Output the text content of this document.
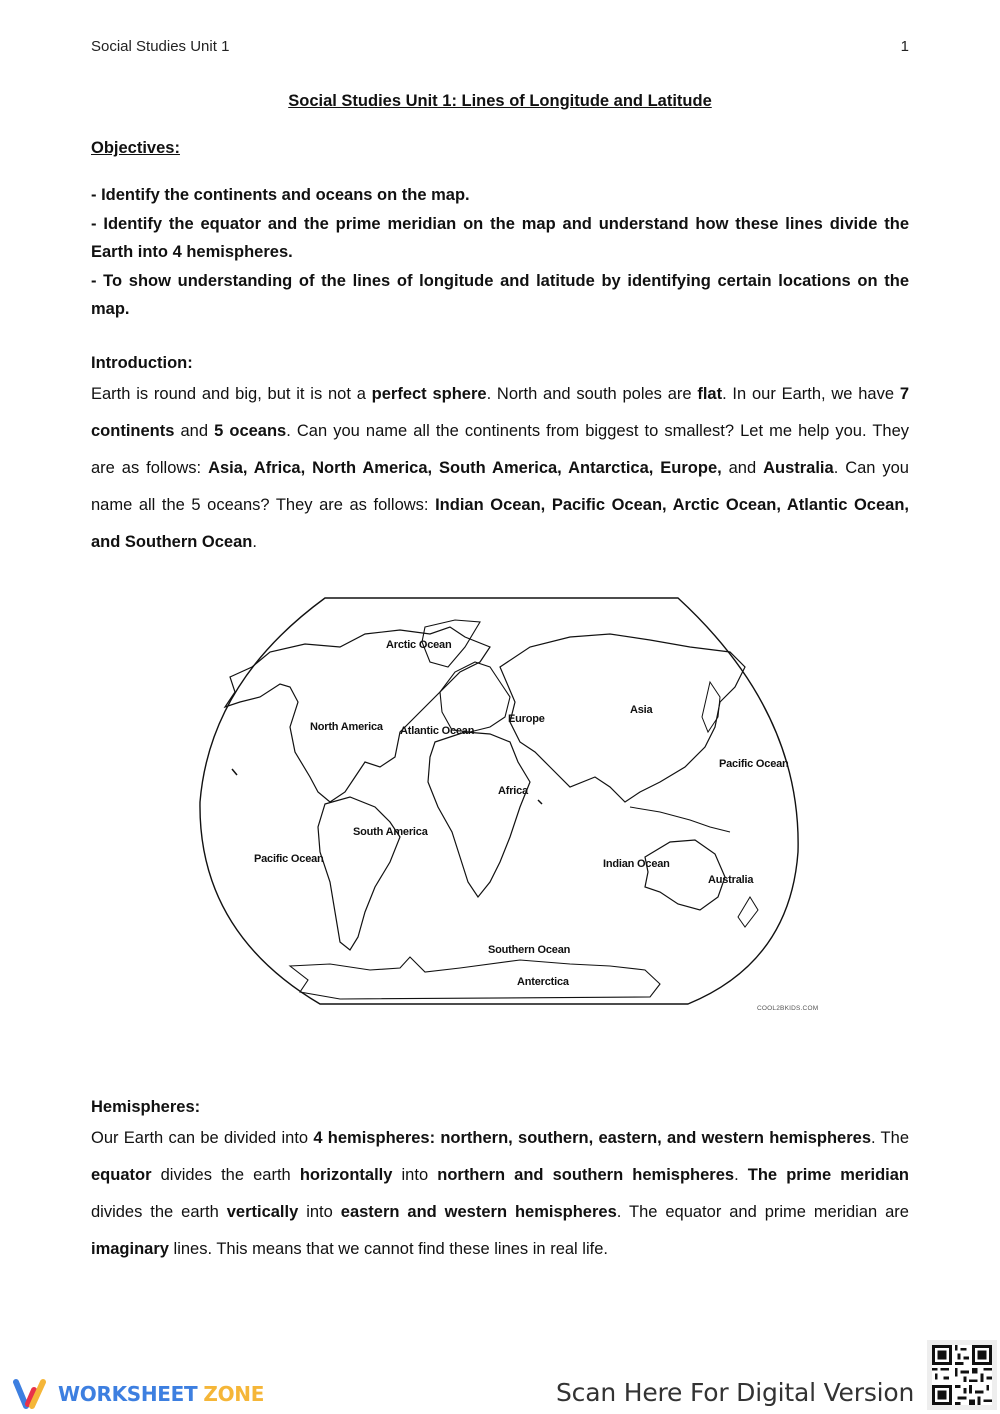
Social Studies Unit 1	1
Social Studies Unit 1: Lines of Longitude and Latitude
Objectives:

- Identify the continents and oceans on the map.

- Identify the equator and the prime meridian on the map and understand how these lines divide the Earth into 4 hemispheres.

- To show understanding of the lines of longitude and latitude by identifying certain locations on the map.

Introduction:

Earth is round and big, but it is not a perfect sphere. North and south poles are flat. In our Earth, we have 7 continents and 5 oceans. Can you name all the continents from biggest to smallest? Let me help you. They are as follows: Asia, Africa, North America, South America, Antarctica, Europe, and Australia. Can you name all the 5 oceans? They are as follows: Indian Ocean, Pacific Ocean, Arctic Ocean, Atlantic Ocean, and Southern Ocean.

Arctic Ocean
North America Atlantic Ocean
Europe
Asia
Pacific Ocean
Africa
South America
Pacific Ocean	Indian Ocean
Australia
Southern Ocean
Anterctica
COOL2BKIDS.COM
Hemispheres:

Our Earth can be divided into 4 hemispheres: northern, southern, eastern, and western hemispheres. The equator divides the earth horizontally into northern and southern hemispheres. The prime meridian divides the earth vertically into eastern and western hemispheres. The equator and prime meridian are imaginary lines. This means that we cannot find these lines in real life.

WORKSHEET ZONE	Scan Here For Digital Version
